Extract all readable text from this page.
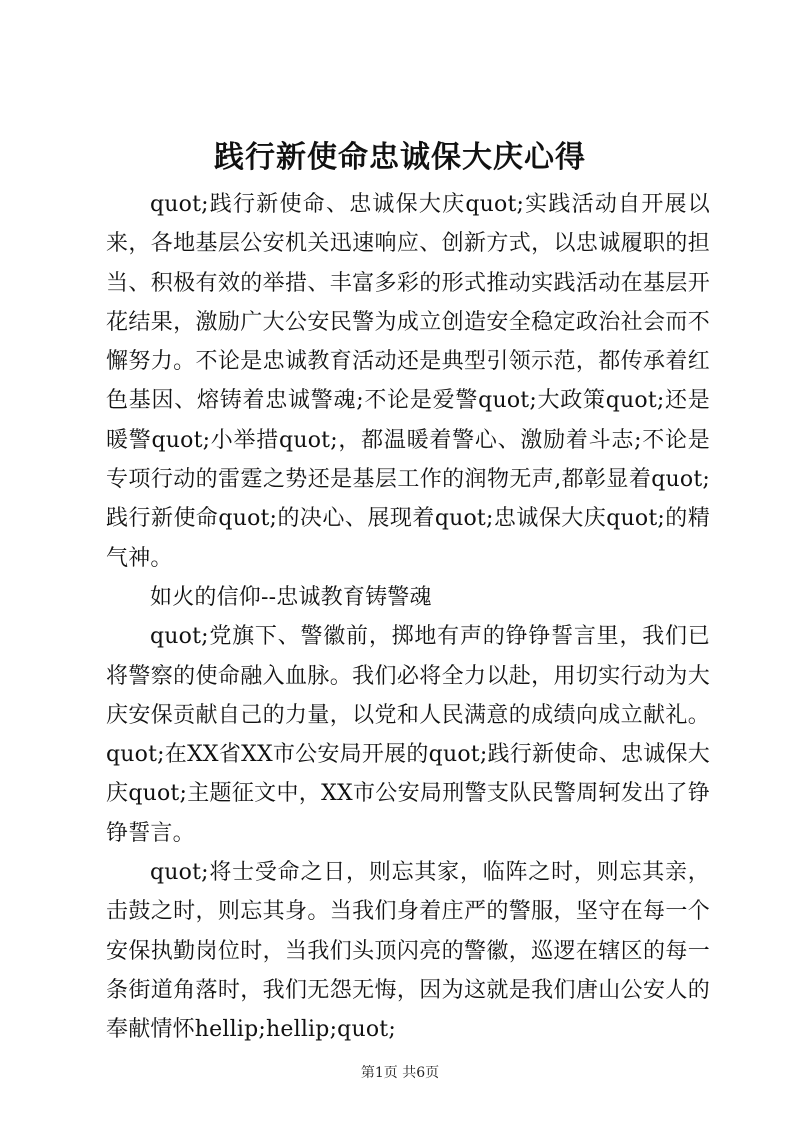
践行新使命忠诚保大庆心得

quot;践行新使命、忠诚保大庆quot;实践活动自开展以来，各地基层公安机关迅速响应、创新方式，以忠诚履职的担当、积极有效的举措、丰富多彩的形式推动实践活动在基层开花结果，激励广大公安民警为成立创造安全稳定政治社会而不懈努力。不论是忠诚教育活动还是典型引领示范，都传承着红色基因、熔铸着忠诚警魂;不论是爱警quot;大政策quot;还是暖警quot;小举措quot;，都温暖着警心、激励着斗志;不论是专项行动的雷霆之势还是基层工作的润物无声,都彰显着quot;践行新使命quot;的决心、展现着quot;忠诚保大庆quot;的精气神。

如火的信仰--忠诚教育铸警魂

quot;党旗下、警徽前，掷地有声的铮铮誓言里，我们已将警察的使命融入血脉。我们必将全力以赴，用切实行动为大庆安保贡献自己的力量，以党和人民满意的成绩向成立献礼。quot;在XX省XX市公安局开展的quot;践行新使命、忠诚保大庆quot;主题征文中，XX市公安局刑警支队民警周轲发出了铮铮誓言。

quot;将士受命之日，则忘其家，临阵之时，则忘其亲，击鼓之时，则忘其身。当我们身着庄严的警服，坚守在每一个安保执勤岗位时，当我们头顶闪亮的警徽，巡逻在辖区的每一条街道角落时，我们无怨无悔，因为这就是我们唐山公安人的奉献情怀hellip;hellip;quot;

第1页 共6页
